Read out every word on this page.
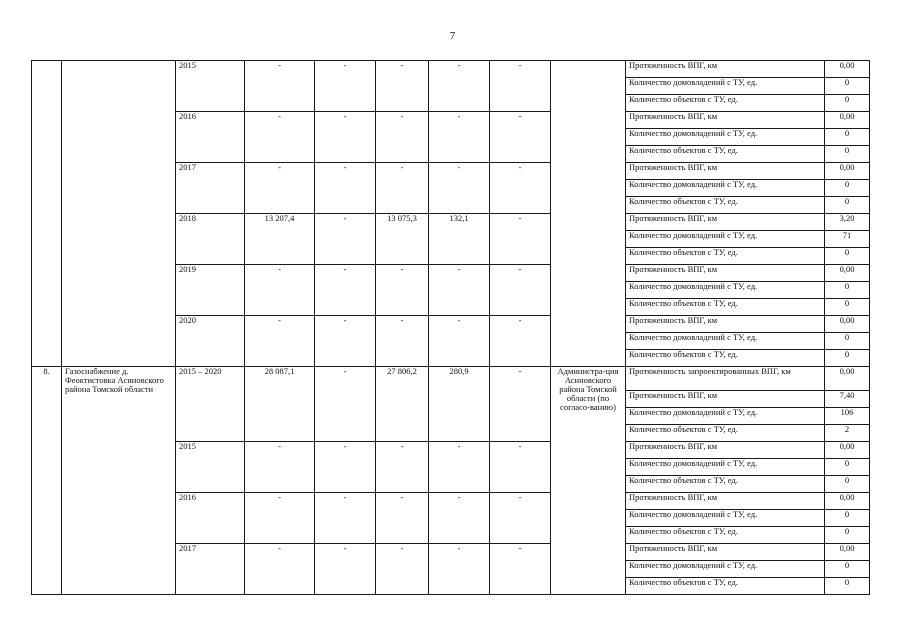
7
		2015	-	-	-	-	-		Протяженность ВПГ, км	0,00
									Количество домовладений с ТУ, ед.	0
									Количество объектов с ТУ, ед.	0
		2016	-	-	-	-	-		Протяженность ВПГ, км	0,00
									Количество домовладений с ТУ, ед.	0
									Количество объектов с ТУ, ед.	0
		2017	-	-	-	-	-		Протяженность ВПГ, км	0,00
									Количество домовладений с ТУ, ед.	0
									Количество объектов с ТУ, ед.	0
		2018	13 207,4	-	13 075,3	132,1	-		Протяженность ВПГ, км	3,20
									Количество домовладений с ТУ, ед.	71
									Количество объектов с ТУ, ед.	0
		2019	-	-	-	-	-		Протяженность ВПГ, км	0,00
									Количество домовладений с ТУ, ед.	0
									Количество объектов с ТУ, ед.	0
		2020	-	-	-	-	-		Протяженность ВПГ, км	0,00
									Количество домовладений с ТУ, ед.	0
									Количество объектов с ТУ, ед.	0
8.	Газоснабжение д. Феоктистовка Асиновского района Томской области	2015 – 2020	28 087,1	-	27 806,2	280,9	-	Администра-ция Асиновского района Томской области (по согласо-ванию)	Протяженность запроектированных ВПГ, км	0,00
									Протяженность ВПГ, км	7,40
									Количество домовладений с ТУ, ед.	106
									Количество объектов с ТУ, ед.	2
		2015	-	-	-	-	-		Протяженность ВПГ, км	0,00
									Количество домовладений с ТУ, ед.	0
									Количество объектов с ТУ, ед.	0
		2016	-	-	-	-	-		Протяженность ВПГ, км	0,00
									Количество домовладений с ТУ, ед.	0
									Количество объектов с ТУ, ед.	0
		2017	-	-	-	-	-		Протяженность ВПГ, км	0,00
									Количество домовладений с ТУ, ед.	0
									Количество объектов с ТУ, ед.	0
